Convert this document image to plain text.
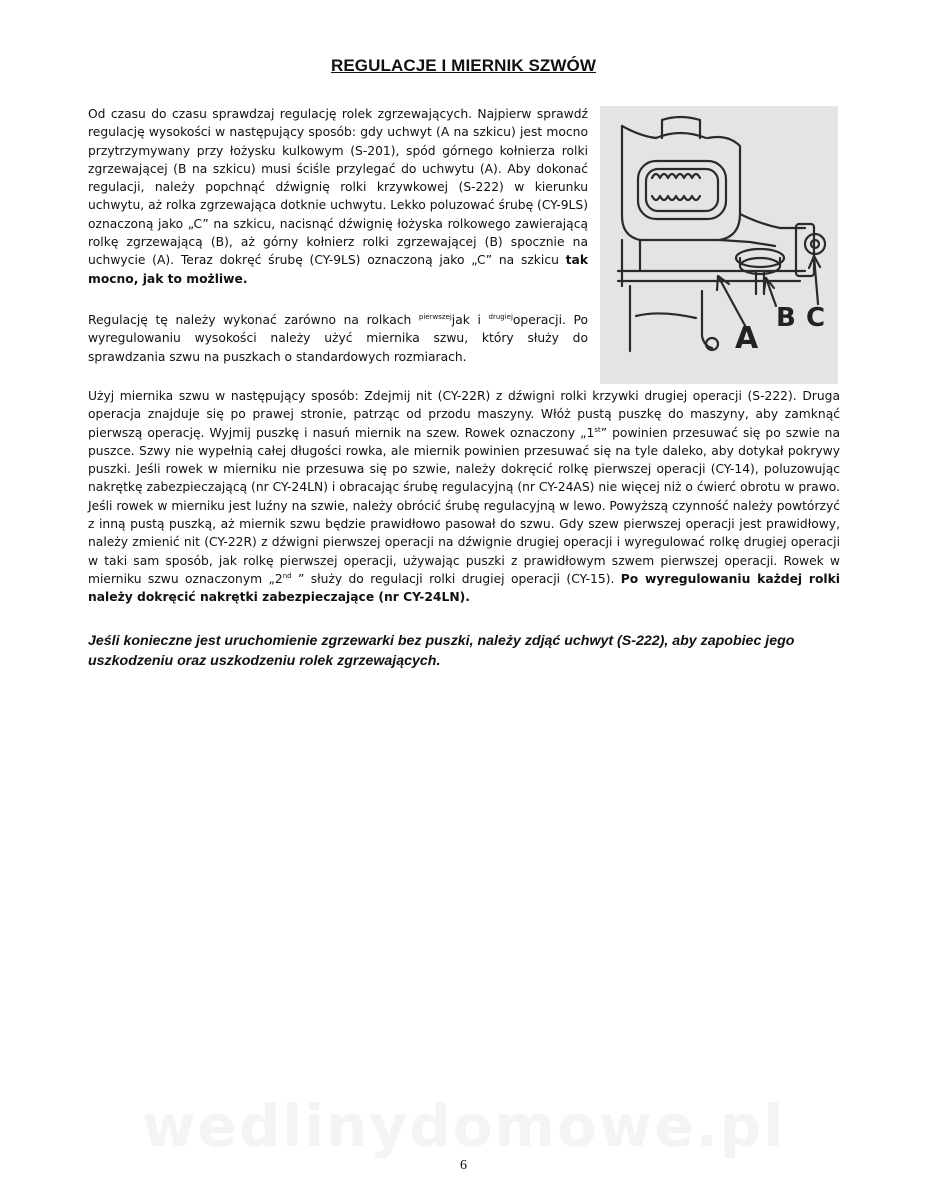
REGULACJE I MIERNIK SZWÓW
Od czasu do czasu sprawdzaj regulację rolek zgrzewających. Najpierw sprawdź regulację wysokości w następujący sposób: gdy uchwyt (A na szkicu) jest mocno przytrzymywany przy łożysku kulkowym (S-201), spód górnego kołnierza rolki zgrzewającej (B na szkicu) musi ściśle przylegać do uchwytu (A). Aby dokonać regulacji, należy popchnąć dźwignię rolki krzywkowej (S-222) w kierunku uchwytu, aż rolka zgrzewająca dotknie uchwytu. Lekko poluzować śrubę (CY-9LS) oznaczoną jako „C” na szkicu, nacisnąć dźwignię łożyska rolkowego zawierającą rolkę zgrzewającą (B), aż górny kołnierz rolki zgrzewającej (B) spocznie na uchwycie (A). Teraz dokręć śrubę (CY-9LS) oznaczoną jako „C” na szkicu tak mocno, jak to możliwe.
Regulację tę należy wykonać zarówno na rolkach $^{pierwszej}$jak i $^{drugiej}$operacji. Po wyregulowaniu wysokości należy użyć miernika szwu, który służy do sprawdzania szwu na puszkach o standardowych rozmiarach.
A
B C
Użyj miernika szwu w następujący sposób: Zdejmij nit (CY-22R) z dźwigni rolki krzywki drugiej operacji (S-222). Druga operacja znajduje się po prawej stronie, patrząc od przodu maszyny. Włóż pustą puszkę do maszyny, aby zamknąć pierwszą operację. Wyjmij puszkę i nasuń miernik na szew. Rowek oznaczony „1st” powinien przesuwać się po szwie na puszce. Szwy nie wypełnią całej długości rowka, ale miernik powinien przesuwać się na tyle daleko, aby dotykał pokrywy puszki. Jeśli rowek w mierniku nie przesuwa się po szwie, należy dokręcić rolkę pierwszej operacji (CY-14), poluzowując nakrętkę zabezpieczającą (nr CY-24LN) i obracając śrubę regulacyjną (nr CY-24AS) nie więcej niż o ćwierć obrotu w prawo. Jeśli rowek w mierniku jest luźny na szwie, należy obrócić śrubę regulacyjną w lewo. Powyższą czynność należy powtórzyć z inną pustą puszką, aż miernik szwu będzie prawidłowo pasował do szwu. Gdy szew pierwszej operacji jest prawidłowy, należy zmienić nit (CY-22R) z dźwigni pierwszej operacji na dźwignie drugiej operacji i wyregulować rolkę drugiej operacji w taki sam sposób, jak rolkę pierwszej operacji, używając puszki z prawidłowym szwem pierwszej operacji. Rowek w mierniku szwu oznaczonym „2nd ” służy do regulacji rolki drugiej operacji (CY-15). Po wyregulowaniu każdej rolki należy dokręcić nakrętki zabezpieczające (nr CY-24LN).
Jeśli konieczne jest uruchomienie zgrzewarki bez puszki, należy zdjąć uchwyt (S-222), aby zapobiec jego uszkodzeniu oraz uszkodzeniu rolek zgrzewających.
wedlinydomowe.pl
6
